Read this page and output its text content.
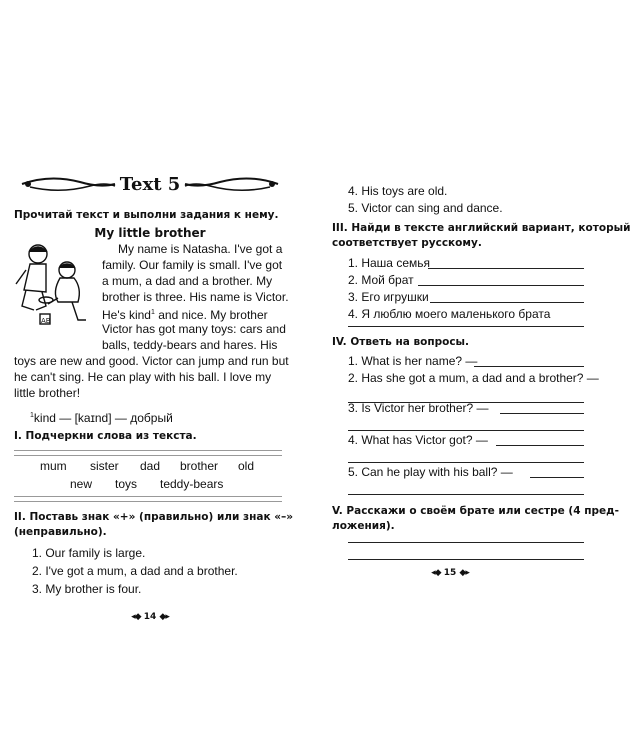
Text 5
Прочитай текст и выполни задания к нему.
My little brother
AB
My name is Natasha. I've got a
family. Our family is small. I've got
a mum, a dad and a brother. My
brother is three. His name is Victor.
He's kind$^1$ and nice. My brother
Victor has got many toys: cars and
balls, teddy-bears and hares. His
toys are new and good. Victor can jump and run but
he can't sing. He can play with his ball. I love my
little brother!
$^1$kind — [kaɪnd] — добрый
I. Подчеркни слова из текста.
mum sister dad brother old
new toys teddy-bears
II. Поставь знак «+» (правильно) или знак «–»
(неправильно).
1. Our family is large.
2. I've got a mum, a dad and a brother.
3. My brother is four.
◂◆ 14 ◆▸
4. His toys are old.
5. Victor can sing and dance.
III. Найди в тексте английский вариант, который
соответствует русскому.
1. Наша семья
2. Мой брат
3. Его игрушки
4. Я люблю моего маленького брата
IV. Ответь на вопросы.
1. What is her name? —
2. Has she got a mum, a dad and a brother? —
3. Is Victor her brother? —
4. What has Victor got? —
5. Can he play with his ball? —
V. Расскажи о своём брате или сестре (4 пред-
ложения).
◂◆ 15 ◆▸
